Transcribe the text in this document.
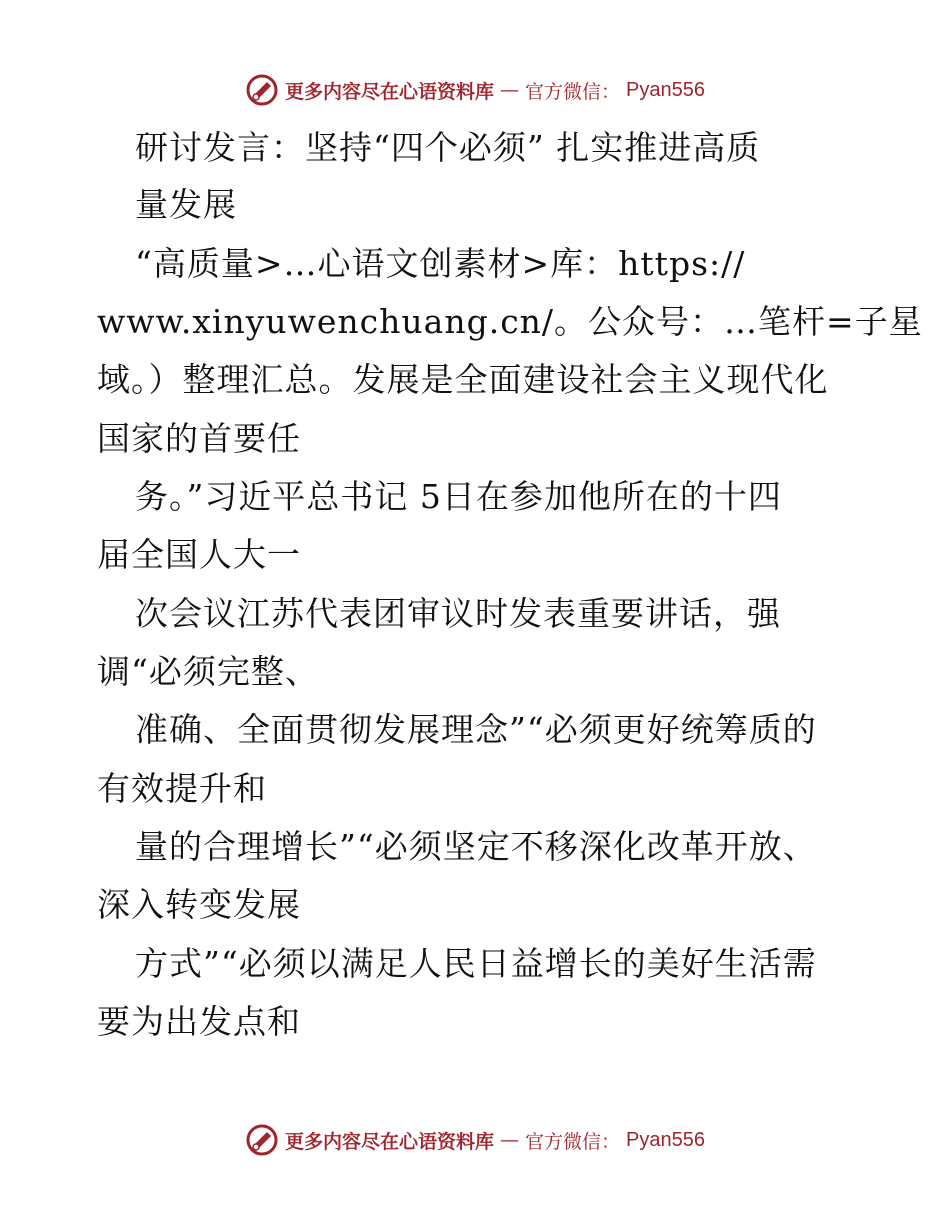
更多内容尽在心语资料库 — 官方微信： Pyan556
研讨发言：坚持“四个必须” 扎实推进高质
量发展
“高质量>…心语文创素材>库：https://
www.xinyuwenchuang.cn/。公众号：…笔杆=子星
域。）整理汇总。发展是全面建设社会主义现代化
国家的首要任
务。”习近平总书记 5日在参加他所在的十四
届全国人大一
次会议江苏代表团审议时发表重要讲话，强
调“必须完整、
准确、全面贯彻发展理念”“必须更好统筹质的
有效提升和
量的合理增长”“必须坚定不移深化改革开放、
深入转变发展
方式”“必须以满足人民日益增长的美好生活需
要为出发点和
更多内容尽在心语资料库 — 官方微信： Pyan556
